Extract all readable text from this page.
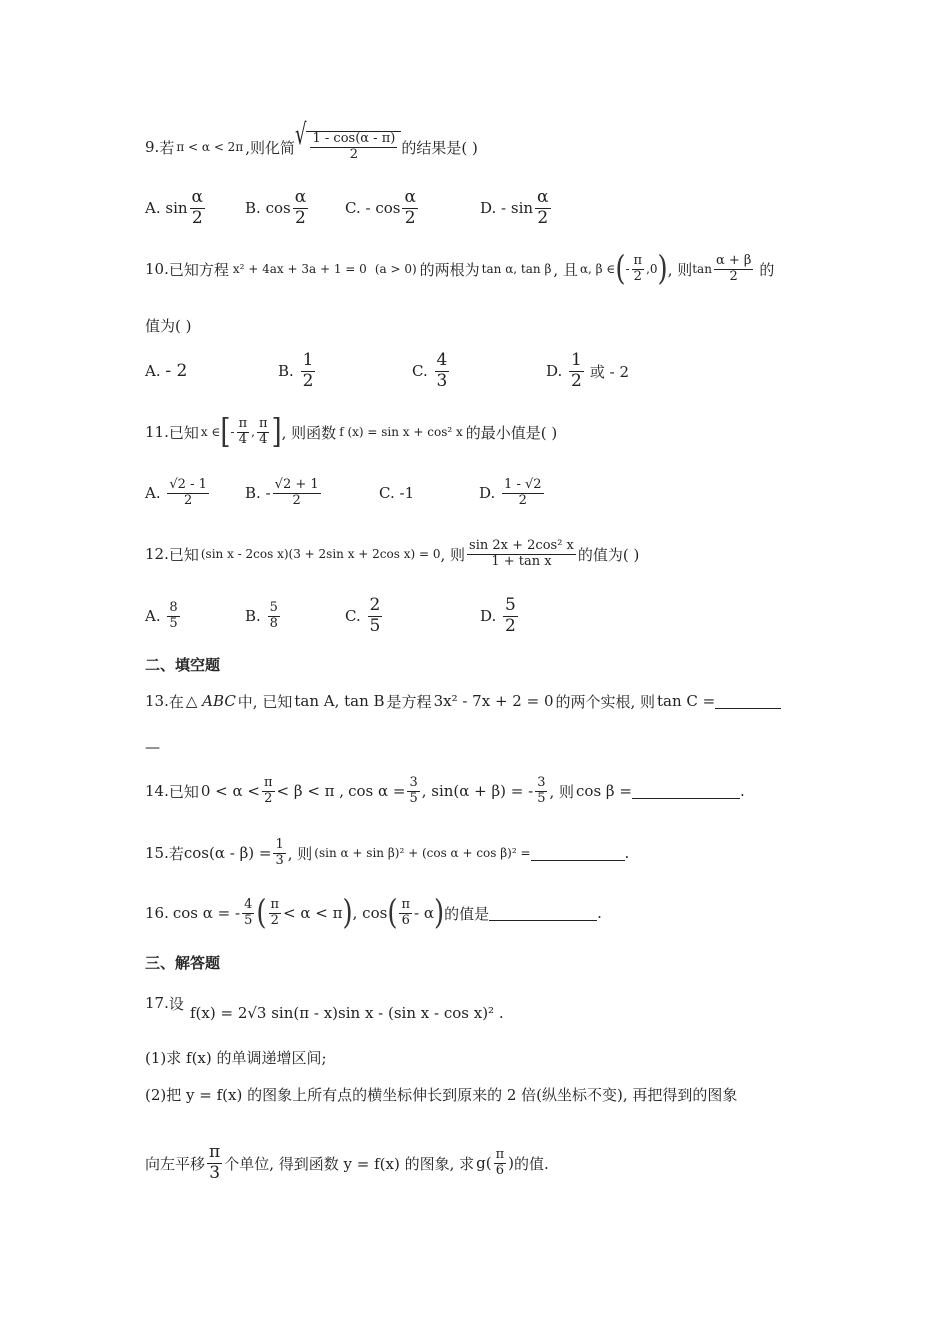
9. 若 π < α < 2π ,则化简 √ $\frac{1 - \cos(\alpha - \pi)}{2}$ 的结果是( )
A.
$\sin \frac{\alpha}{2}$	B.
$\cos \frac{\alpha}{2} C$.
- $\cos \frac{\alpha}{2}$	D.
- $\sin \frac{\alpha}{2}$
10. 已知方程 x² + 4ax + 3a + 1 = 0 (a > 0) 的两根为 tan α, tan β , 且 α, β ∈ ( - $\frac{\pi}{2} ,0$ ) , 则 $\tan \frac{\alpha + \beta}{2}$ 的
值为( )
A. - 2	B.
$\frac{1}{2}$	C.
$\frac{4}{3}$	D.
$\frac{1}{2}$ 或 - 2
11. 已知 x ∈ [ - $\frac{\pi}{4}$ , $\frac{\pi}{4}$ ] , 则函数 f (x) = sin x + cos² x 的最小值是( )
A.
$\frac{√2 - 1}{2} B$.
- $\frac{√2 + 1}{2}$	C. -1	D.
$\frac{1 - √2}{2}$
12. 已知 (sin x - 2cos x)(3 + 2sin x + 2cos x) = 0 , 则 $\frac{\text{sin 2x + 2cos² x}}{\text{1 + tan x}}$ 的值为( )
A.
$\frac{8}{5}$	B.
$\frac{5}{8}$	C.
$\frac{2}{5}$	D.
$\frac{5}{2}$
二、填空题
13. 在 △ ABC 中, 已知 tan A, tan B 是方程 3x² - 7x + 2 = 0 的两个实根, 则 tan C =
—
14. 已知 $0 < \alpha < \frac{\pi}{2} < \beta < \pi$ , $\cos \alpha = \frac{3}{5}$ , sin(α + β) = - $\frac{3}{5}$ , 则 cos β =	.
15. 若 $\cos(\alpha - \beta) = \frac{1}{3}$ , 则 (sin α + sin β)² + (cos α + cos β)² =	.
16. cos α = - $\frac{4}{5}$ ( $\frac{\pi}{2} < \alpha < \pi$ ) , cos ( $\frac{\pi}{6}$ - α ) 的值是	.
三、解答题
17. 设
f(x) = 2√3 sin(π - x)sin x - (sin x - cos x)² .
(1)求 f(x) 的单调递增区间;
(2)把 y = f(x) 的图象上所有点的横坐标伸长到原来的 2 倍(纵坐标不变), 再把得到的图象
向左平移 $\frac{\pi}{3}$ 个单位, 得到函数 y = f(x) 的图象, 求 $g( \frac{\pi}{6}$ ) 的值.
